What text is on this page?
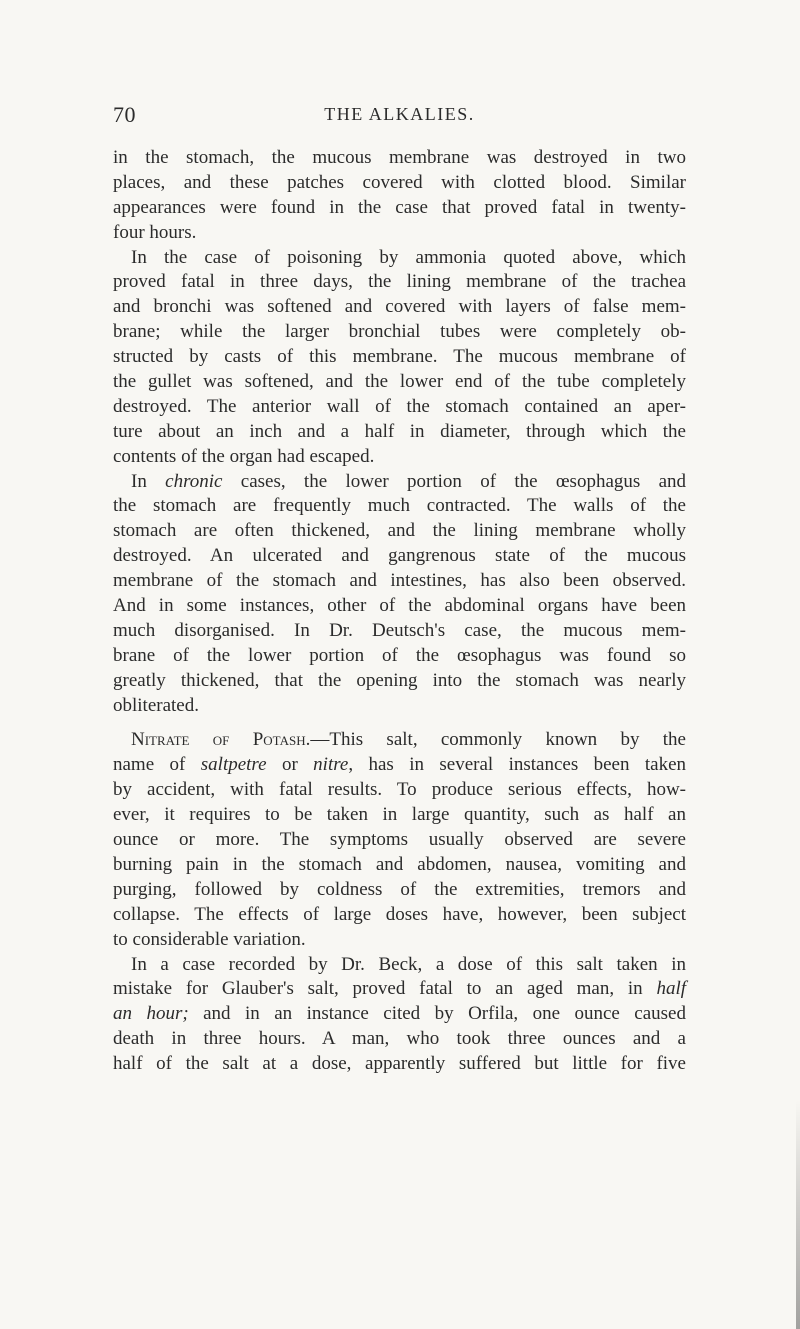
70	THE ALKALIES.
in the stomach, the mucous membrane was destroyed in two
places, and these patches covered with clotted blood. Similar
appearances were found in the case that proved fatal in twenty-
four hours.
In the case of poisoning by ammonia quoted above, which
proved fatal in three days, the lining membrane of the trachea
and bronchi was softened and covered with layers of false mem-
brane; while the larger bronchial tubes were completely ob-
structed by casts of this membrane. The mucous membrane of
the gullet was softened, and the lower end of the tube completely
destroyed. The anterior wall of the stomach contained an aper-
ture about an inch and a half in diameter, through which the
contents of the organ had escaped.
In chronic cases, the lower portion of the œsophagus and
the stomach are frequently much contracted. The walls of the
stomach are often thickened, and the lining membrane wholly
destroyed. An ulcerated and gangrenous state of the mucous
membrane of the stomach and intestines, has also been observed.
And in some instances, other of the abdominal organs have been
much disorganised. In Dr. Deutsch's case, the mucous mem-
brane of the lower portion of the œsophagus was found so
greatly thickened, that the opening into the stomach was nearly
obliterated.
Nitrate of Potash.—This salt, commonly known by the
name of saltpetre or nitre, has in several instances been taken
by accident, with fatal results. To produce serious effects, how-
ever, it requires to be taken in large quantity, such as half an
ounce or more. The symptoms usually observed are severe
burning pain in the stomach and abdomen, nausea, vomiting and
purging, followed by coldness of the extremities, tremors and
collapse. The effects of large doses have, however, been subject
to considerable variation.
In a case recorded by Dr. Beck, a dose of this salt taken in
mistake for Glauber's salt, proved fatal to an aged man, in half
an hour; and in an instance cited by Orfila, one ounce caused
death in three hours. A man, who took three ounces and a
half of the salt at a dose, apparently suffered but little for five
